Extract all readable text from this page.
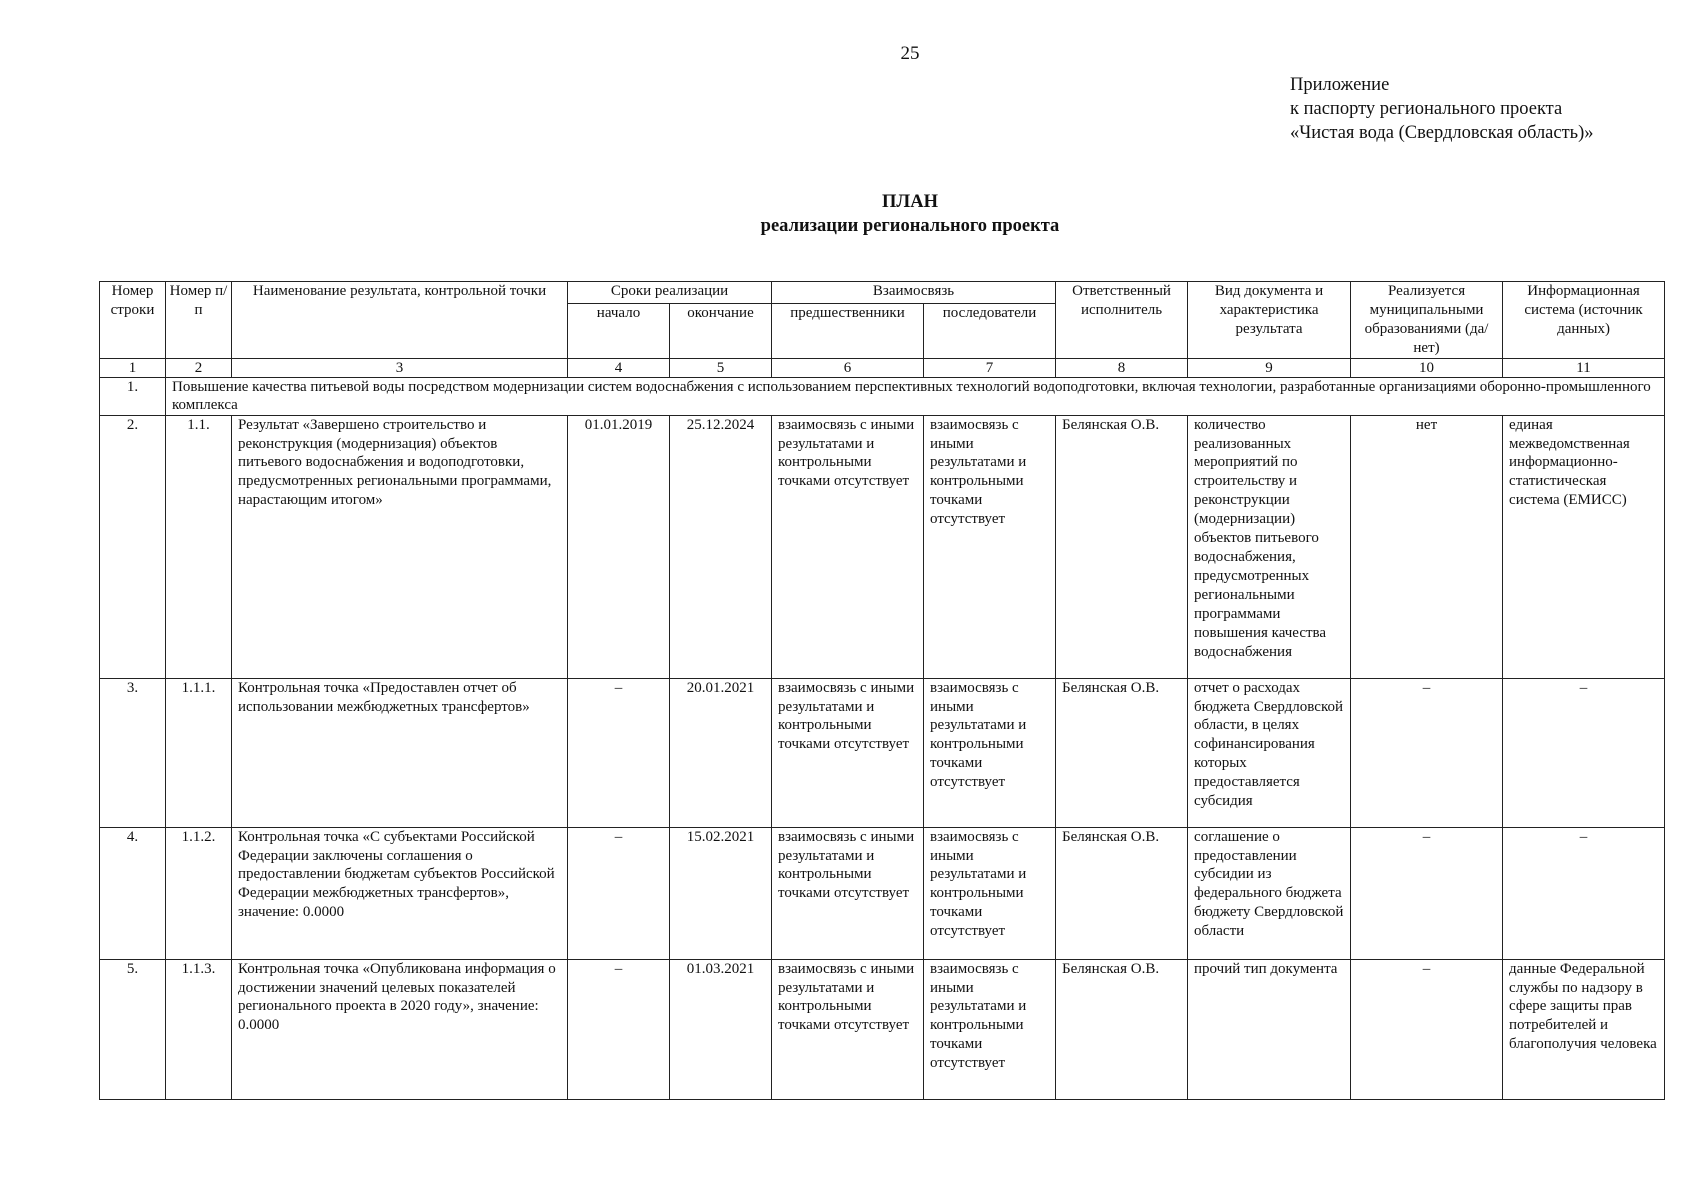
25
Приложение
к паспорту регионального проекта
«Чистая вода (Свердловская область)»
ПЛАН
реализации регионального проекта
Номер строки	Номер п/п	Наименование результата, контрольной точки	Сроки реализации		Взаимосвязь		Ответственный исполнитель	Вид документа и характеристика результата	Реализуется муниципальными образованиями (да/нет)	Информационная система (источник данных)
			начало	окончание	предшественники	последователи				
1	2	3	4	5	6	7	8	9	10	11
1.	Повышение качества питьевой воды посредством модернизации систем водоснабжения с использованием перспективных технологий водоподготовки, включая технологии, разработанные организациями оборонно-промышленного комплекса									
2.	1.1.	Результат «Завершено строительство и реконструкция (модернизация) объектов питьевого водоснабжения и водоподготовки, предусмотренных региональными программами, нарастающим итогом»	01.01.2019	25.12.2024	взаимосвязь с иными результатами и контрольными точками отсутствует	взаимосвязь с иными результатами и контрольными точками отсутствует	Белянская О.В.	количество реализованных мероприятий по строительству и реконструкции (модернизации) объектов питьевого водоснабжения, предусмотренных региональными программами повышения качества водоснабжения	нет	единая межведомственная информационно-статистическая система (ЕМИСС)
3.	1.1.1.	Контрольная точка «Предоставлен отчет об использовании межбюджетных трансфертов»	–	20.01.2021	взаимосвязь с иными результатами и контрольными точками отсутствует	взаимосвязь с иными результатами и контрольными точками отсутствует	Белянская О.В.	отчет о расходах бюджета Свердловской области, в целях софинансирования которых предоставляется субсидия	–	–
4.	1.1.2.	Контрольная точка «С субъектами Российской Федерации заключены соглашения о предоставлении бюджетам субъектов Российской Федерации межбюджетных трансфертов», значение: 0.0000	–	15.02.2021	взаимосвязь с иными результатами и контрольными точками отсутствует	взаимосвязь с иными результатами и контрольными точками отсутствует	Белянская О.В.	соглашение о предоставлении субсидии из федерального бюджета бюджету Свердловской области	–	–
5.	1.1.3.	Контрольная точка «Опубликована информация о достижении значений целевых показателей регионального проекта в 2020 году», значение: 0.0000	–	01.03.2021	взаимосвязь с иными результатами и контрольными точками отсутствует	взаимосвязь с иными результатами и контрольными точками отсутствует	Белянская О.В.	прочий тип документа	–	данные Федеральной службы по надзору в сфере защиты прав потребителей и благополучия человека
